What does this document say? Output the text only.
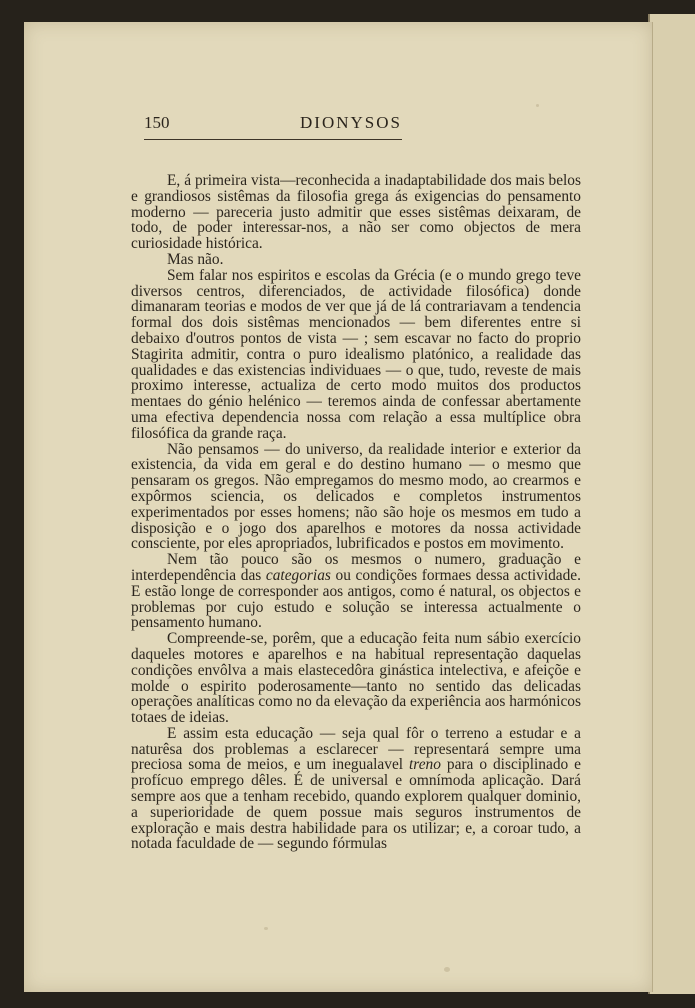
150	DIONYSOS

E, á primeira vista—reconhecida a inadaptabilidade dos mais belos e grandiosos sistêmas da filosofia grega ás exigencias do pensamento moderno — pareceria justo admitir que esses sistêmas deixaram, de todo, de poder interessar-nos, a não ser como objectos de mera curiosidade histórica.

Mas não.

Sem falar nos espiritos e escolas da Grécia (e o mundo grego teve diversos centros, diferenciados, de actividade filosófica) donde dimanaram teorias e modos de ver que já de lá contrariavam a tendencia formal dos dois sistêmas mencionados — bem diferentes entre si debaixo d'outros pontos de vista — ; sem escavar no facto do proprio Stagirita admitir, contra o puro idealismo platónico, a realidade das qualidades e das existencias individuaes — o que, tudo, reveste de mais proximo interesse, actualiza de certo modo muitos dos productos mentaes do génio helénico — teremos ainda de confessar abertamente uma efectiva dependencia nossa com relação a essa multíplice obra filosófica da grande raça.

Não pensamos — do universo, da realidade interior e exterior da existencia, da vida em geral e do destino humano — o mesmo que pensaram os gregos. Não empregamos do mesmo modo, ao crearmos e expôrmos sciencia, os delicados e completos instrumentos experimentados por esses homens; não são hoje os mesmos em tudo a disposição e o jogo dos aparelhos e motores da nossa actividade consciente, por eles apropriados, lubrificados e postos em movimento.

Nem tão pouco são os mesmos o numero, graduação e interdependência das categorias ou condições formaes dessa actividade. E estão longe de corresponder aos antigos, como é natural, os objectos e problemas por cujo estudo e solução se interessa actualmente o pensamento humano.

Compreende-se, porêm, que a educação feita num sábio exercício daqueles motores e aparelhos e na habitual representação daquelas condições envôlva a mais elastecedôra ginástica intelectiva, e afeiçõe e molde o espirito poderosamente—tanto no sentido das delicadas operações analíticas como no da elevação da experiência aos harmónicos totaes de ideias.

E assim esta educação — seja qual fôr o terreno a estudar e a naturêsa dos problemas a esclarecer — representará sempre uma preciosa soma de meios, e um inegualavel treno para o disciplinado e profícuo emprego dêles. É de universal e omnímoda aplicação. Dará sempre aos que a tenham recebido, quando explorem qualquer dominio, a superioridade de quem possue mais seguros instrumentos de exploração e mais destra habilidade para os utilizar; e, a coroar tudo, a notada faculdade de — segundo fórmulas
